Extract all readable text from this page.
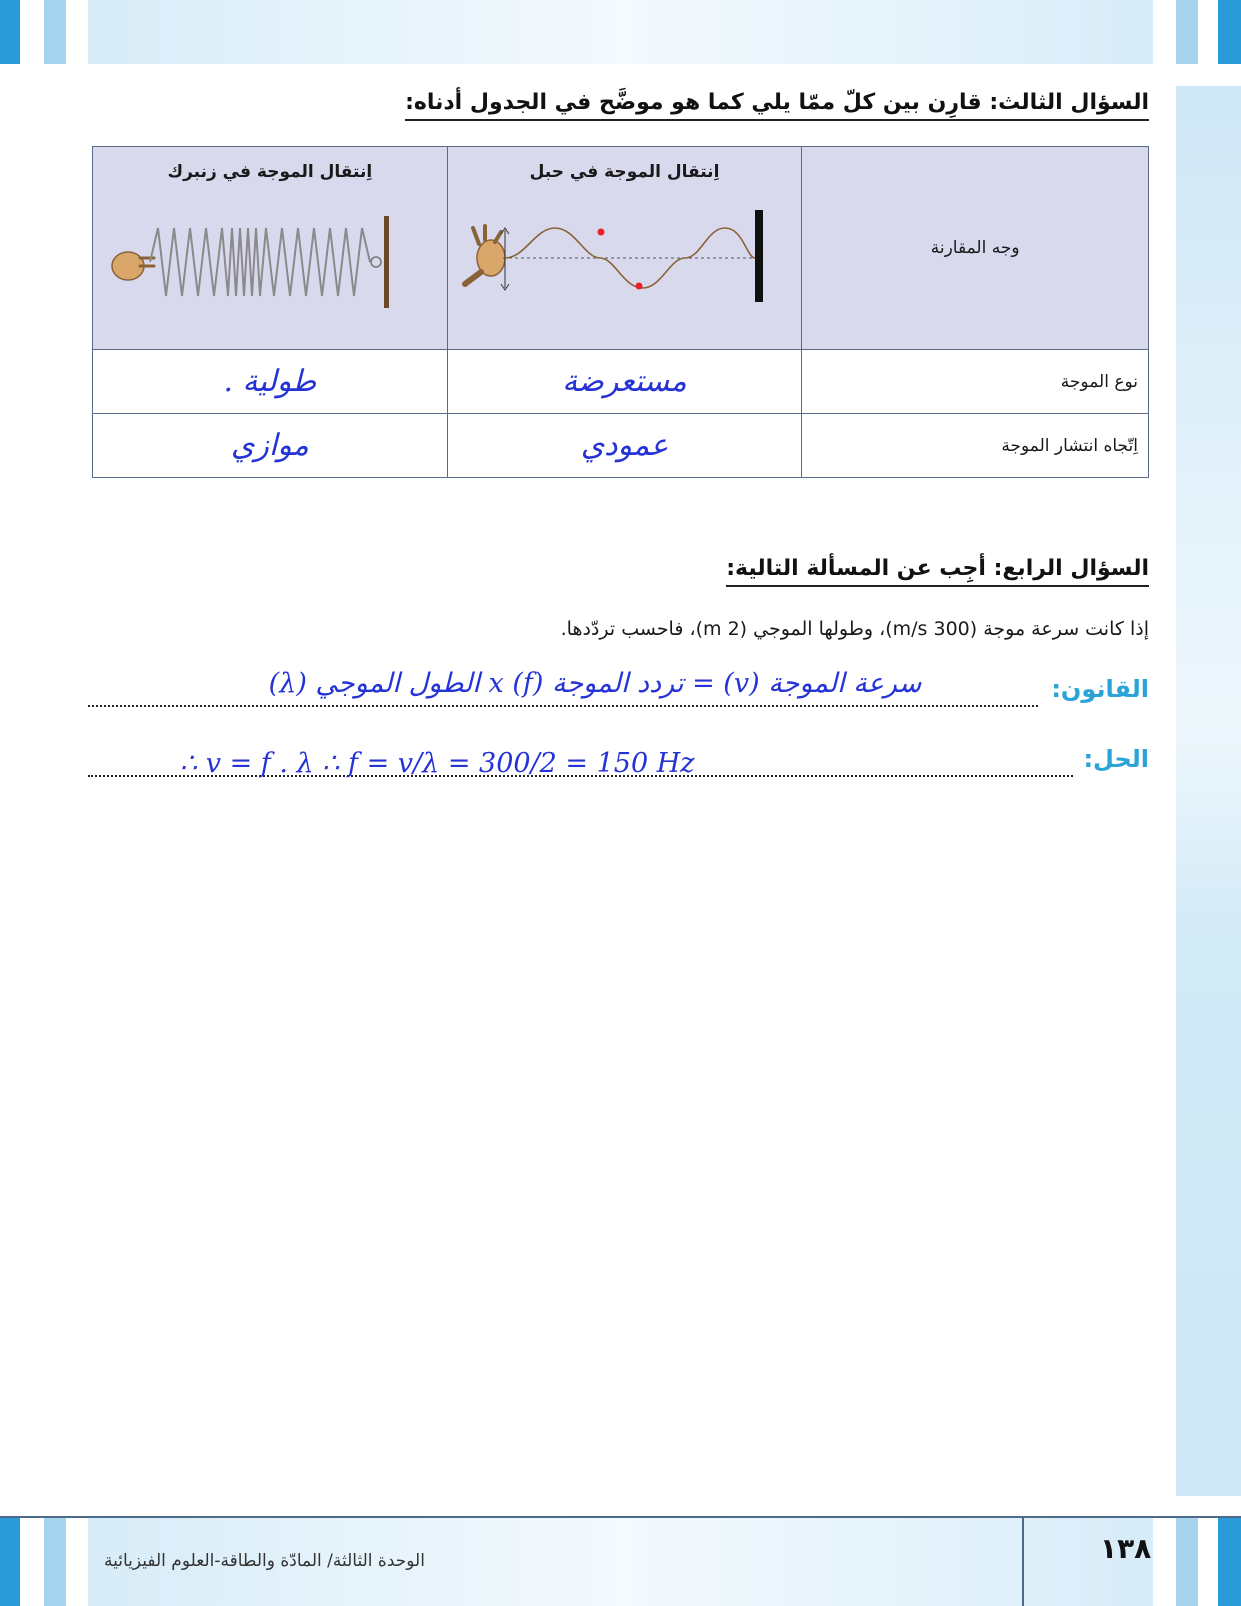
السؤال الثالث: قارِن بين كلّ ممّا يلي كما هو موضَّح في الجدول أدناه:
وجه المقارنة	اِنتقال الموجة في حبل	اِنتقال الموجة في زنبرك

نوع الموجة	مستعرضة	طولية .
اِتّجاه انتشار الموجة	عمودي	موازي
السؤال الرابع: أجِب عن المسألة التالية:
إذا كانت سرعة موجة (300 m/s)، وطولها الموجي (2 m)، فاحسب تردّدها.
القانون:
سرعة الموجة (v) = تردد الموجة (f) x الطول الموجي (λ)
الحل:
∴ v = f . λ ∴ f = v/λ = 300/2 = 150 Hz
الوحدة الثالثة/ المادّة والطاقة-العلوم الفيزيائية	١٣٨
